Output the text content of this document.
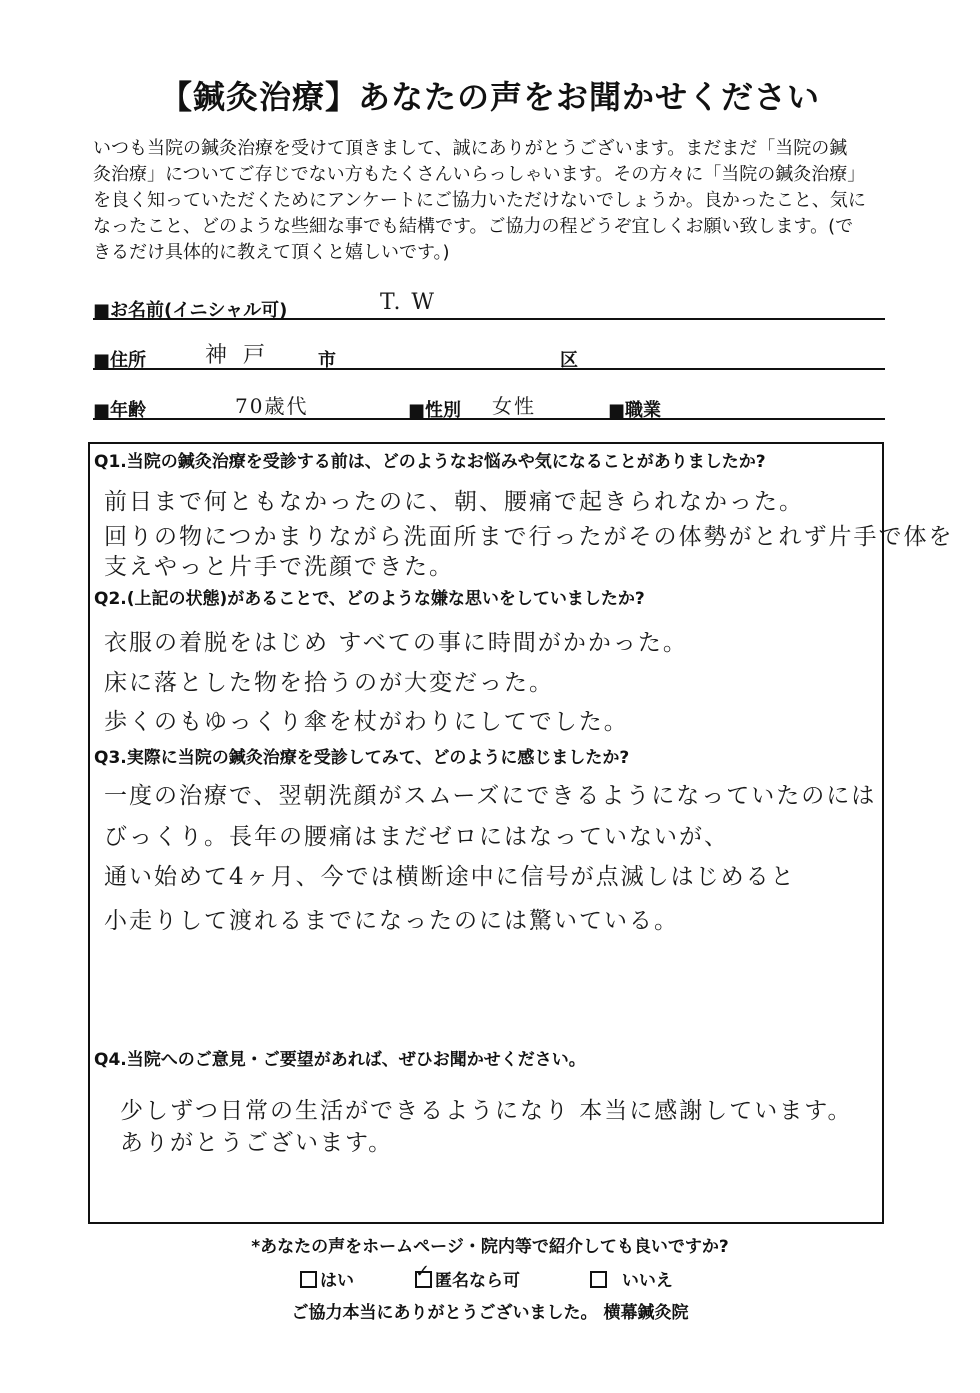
【鍼灸治療】あなたの声をお聞かせください
いつも当院の鍼灸治療を受けて頂きまして、誠にありがとうございます。まだまだ「当院の鍼
灸治療」についてご存じでない方もたくさんいらっしゃいます。その方々に「当院の鍼灸治療」
を良く知っていただくためにアンケートにご協力いただけないでしょうか。良かったこと、気に
なったこと、どのような些細な事でも結構です。ご協力の程どうぞ宜しくお願い致します。(で
きるだけ具体的に教えて頂くと嬉しいです。)
■お名前(イニシャル可)	T. W
■住所	神戸 市	区
■年齢	70歳代	■性別 女性	■職業
Q1.当院の鍼灸治療を受診する前は、どのようなお悩みや気になることがありましたか?
前日まで何ともなかったのに、朝、腰痛で起きられなかった。
回りの物につかまりながら洗面所まで行ったがその体勢がとれず片手で体を
支えやっと片手で洗顔できた。
Q2.(上記の状態)があることで、どのような嫌な思いをしていましたか?
衣服の着脱をはじめ すべての事に時間がかかった。
床に落とした物を拾うのが大変だった。
歩くのもゆっくり傘を杖がわりにしてでした。
Q3.実際に当院の鍼灸治療を受診してみて、どのように感じましたか?
一度の治療で、翌朝洗顔がスムーズにできるようになっていたのには
びっくり。長年の腰痛はまだゼロにはなっていないが、
通い始めて4ヶ月、今では横断途中に信号が点滅しはじめると
小走りして渡れるまでになったのには驚いている。
Q4.当院へのご意見・ご要望があれば、ぜひお聞かせください。
少しずつ日常の生活ができるようになり 本当に感謝しています。
ありがとうございます。
*あなたの声をホームページ・院内等で紹介しても良いですか?
はい	✓ 匿名なら可	いいえ
ご協力本当にありがとうございました。 横幕鍼灸院
